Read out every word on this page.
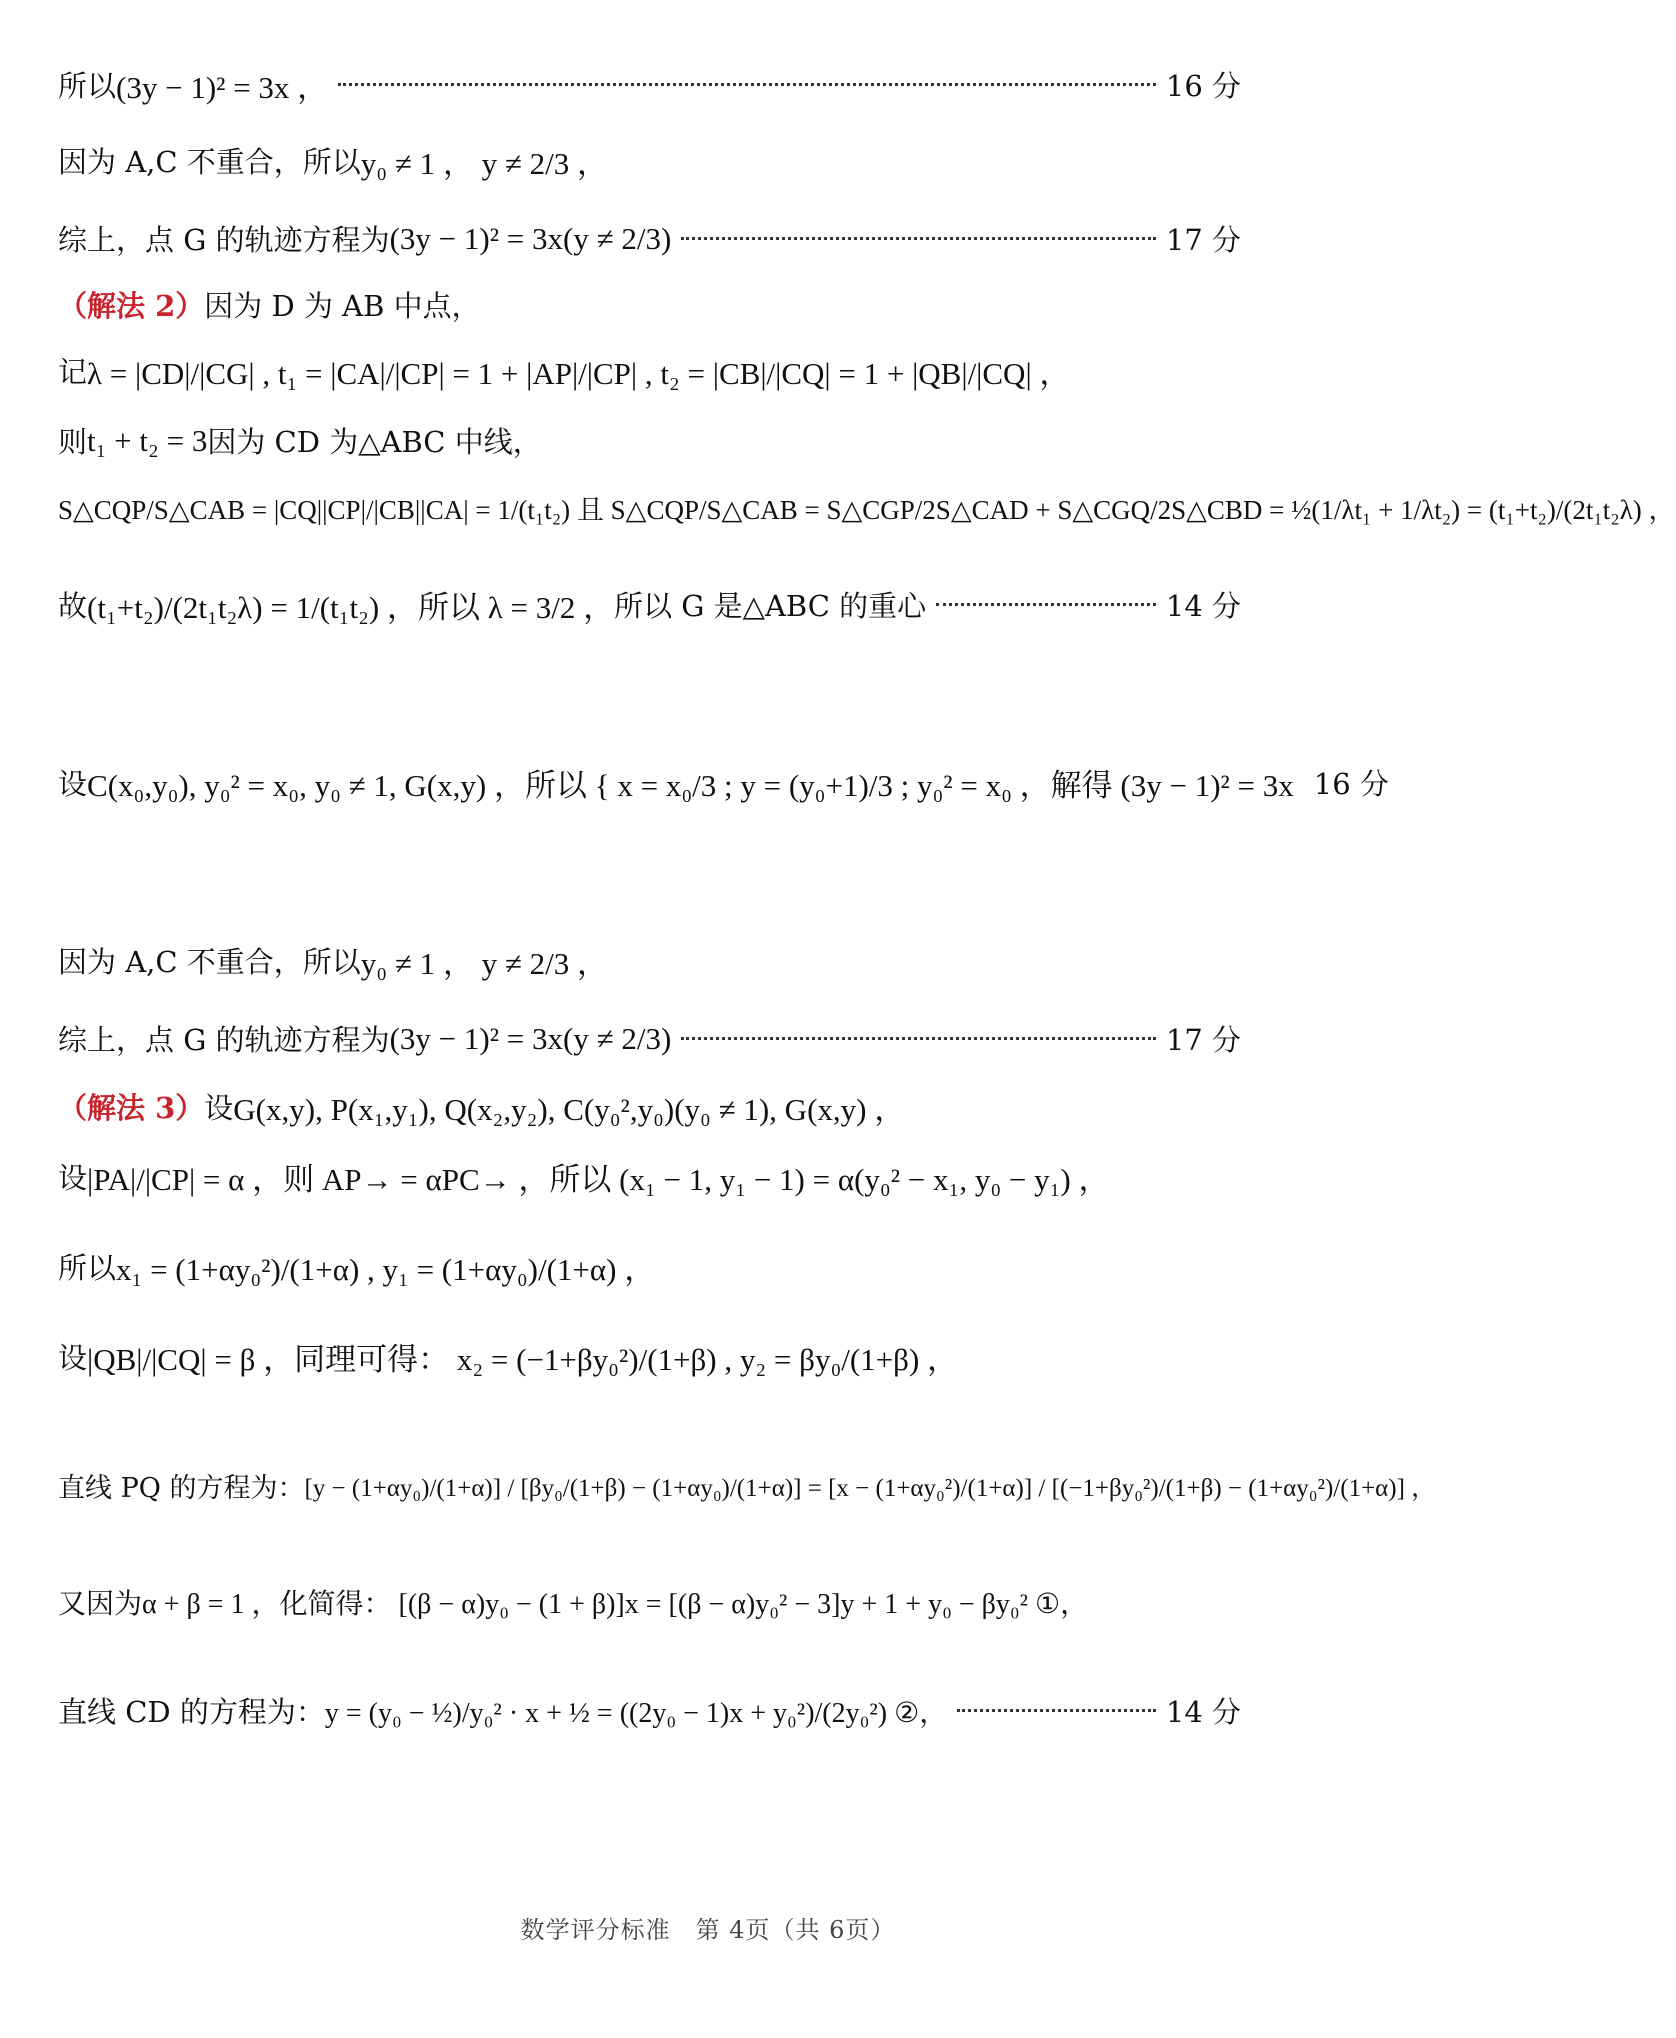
所以 (3y − 1)² = 3x ，	16 分
因为 A,C 不重合，所以 y₀ ≠ 1 ， y ≠ 2/3 ，
综上，点 G 的轨迹方程为 (3y − 1)² = 3x(y ≠ 2/3)	17 分
（解法 2） 因为 D 为 AB 中点，
记 λ = |CD|/|CG| , t₁ = |CA|/|CP| = 1 + |AP|/|CP| , t₂ = |CB|/|CQ| = 1 + |QB|/|CQ| ，
则 t₁ + t₂ = 3 因为 CD 为△ABC 中线，
S△CQP/S△CAB = |CQ||CP|/|CB||CA| = 1/(t₁t₂) 且 S△CQP/S△CAB = S△CGP/2S△CAD + S△CGQ/2S△CBD = ½(1/λt₁ + 1/λt₂) = (t₁+t₂)/(2t₁t₂λ) ，
故 (t₁+t₂)/(2t₁t₂λ) = 1/(t₁t₂) ，所以 λ = 3/2 ， 所以 G 是△ABC 的重心	14 分
设 C(x₀,y₀), y₀² = x₀, y₀ ≠ 1, G(x,y) ，所以 { x = x₀/3 ; y = (y₀+1)/3 ; y₀² = x₀ ，解得 (3y − 1)² = 3x 16 分
因为 A,C 不重合，所以 y₀ ≠ 1 ， y ≠ 2/3 ，
综上，点 G 的轨迹方程为 (3y − 1)² = 3x(y ≠ 2/3)	17 分
（解法 3） 设 G(x,y), P(x₁,y₁), Q(x₂,y₂), C(y₀²,y₀)(y₀ ≠ 1), G(x,y) ，
设 |PA|/|CP| = α ，则 AP→ = αPC→ ，所以 (x₁ − 1, y₁ − 1) = α(y₀² − x₁, y₀ − y₁) ，
所以 x₁ = (1+αy₀²)/(1+α) , y₁ = (1+αy₀)/(1+α) ，
设 |QB|/|CQ| = β ，同理可得： x₂ = (−1+βy₀²)/(1+β) , y₂ = βy₀/(1+β) ，
直线 PQ 的方程为： [y − (1+αy₀)/(1+α)] / [βy₀/(1+β) − (1+αy₀)/(1+α)] = [x − (1+αy₀²)/(1+α)] / [(−1+βy₀²)/(1+β) − (1+αy₀²)/(1+α)] ，
又因为 α + β = 1 ，化简得： [(β − α)y₀ − (1 + β)]x = [(β − α)y₀² − 3]y + 1 + y₀ − βy₀² ①，
直线 CD 的方程为： y = (y₀ − ½)/y₀² · x + ½ = ((2y₀ − 1)x + y₀²)/(2y₀²) ②，	14 分
数学评分标准　第 4页（共 6页）
